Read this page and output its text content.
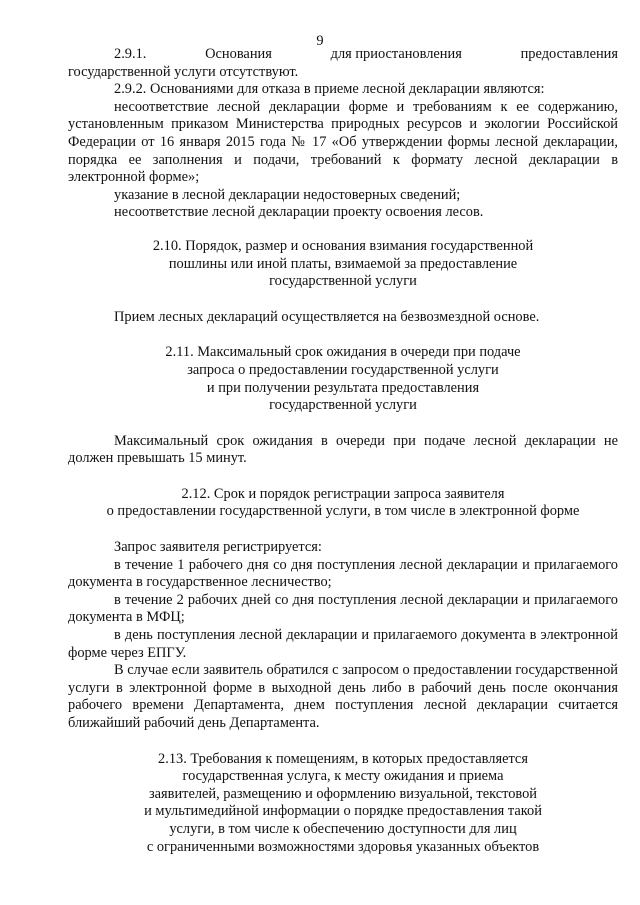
9
2.9.1.	Основания	для приостановления	предоставления

государственной услуги отсутствуют.

2.9.2. Основаниями для отказа в приеме лесной декларации являются:

несоответствие лесной декларации форме и требованиям к ее содержанию, установленным приказом Министерства природных ресурсов и экологии Российской Федерации от 16 января 2015 года № 17 «Об утверждении формы лесной декларации, порядка ее заполнения и подачи, требований к формату лесной декларации в электронной форме»;

указание в лесной декларации недостоверных сведений;

несоответствие лесной декларации проекту освоения лесов.

2.10. Порядок, размер и основания взимания государственной
пошлины или иной платы, взимаемой за предоставление
государственной услуги

Прием лесных деклараций осуществляется на безвозмездной основе.

2.11. Максимальный срок ожидания в очереди при подаче
запроса о предоставлении государственной услуги
и при получении результата предоставления
государственной услуги

Максимальный срок ожидания в очереди при подаче лесной декларации не должен превышать 15 минут.

2.12. Срок и порядок регистрации запроса заявителя
о предоставлении государственной услуги, в том числе в электронной форме

Запрос заявителя регистрируется:

в течение 1 рабочего дня со дня поступления лесной декларации и прилагаемого документа в государственное лесничество;

в течение 2 рабочих дней со дня поступления лесной декларации и прилагаемого документа в МФЦ;

в день поступления лесной декларации и прилагаемого документа в электронной форме через ЕПГУ.

В случае если заявитель обратился с запросом о предоставлении государственной услуги в электронной форме в выходной день либо в рабочий день после окончания рабочего времени Департамента, днем поступления лесной декларации считается ближайший рабочий день Департамента.

2.13. Требования к помещениям, в которых предоставляется
государственная услуга, к месту ожидания и приема
заявителей, размещению и оформлению визуальной, текстовой
и мультимедийной информации о порядке предоставления такой
услуги, в том числе к обеспечению доступности для лиц
с ограниченными возможностями здоровья указанных объектов
